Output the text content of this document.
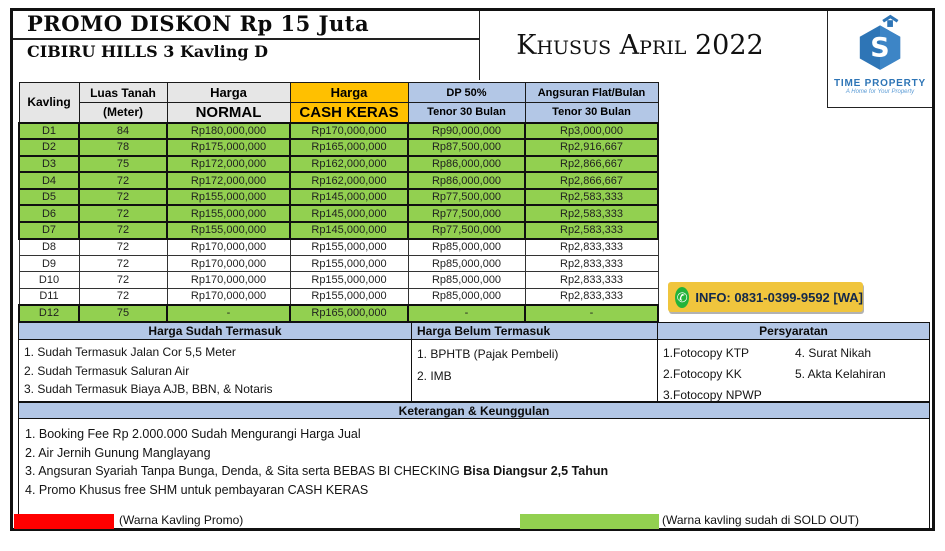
PROMO DISKON Rp 15 Juta
CIBIRU HILLS 3 Kavling D	Khusus April 2022	S
TIME PROPERTY
A Home for Your Property
Kavling	Luas Tanah	Harga	Harga	DP 50%	Angsuran Flat/Bulan
	(Meter)	NORMAL	CASH KERAS	Tenor 30 Bulan	Tenor 30 Bulan
D1	84	Rp180,000,000	Rp170,000,000	Rp90,000,000	Rp3,000,000
D2	78	Rp175,000,000	Rp165,000,000	Rp87,500,000	Rp2,916,667
D3	75	Rp172,000,000	Rp162,000,000	Rp86,000,000	Rp2,866,667
D4	72	Rp172,000,000	Rp162,000,000	Rp86,000,000	Rp2,866,667
D5	72	Rp155,000,000	Rp145,000,000	Rp77,500,000	Rp2,583,333
D6	72	Rp155,000,000	Rp145,000,000	Rp77,500,000	Rp2,583,333
D7	72	Rp155,000,000	Rp145,000,000	Rp77,500,000	Rp2,583,333
D8	72	Rp170,000,000	Rp155,000,000	Rp85,000,000	Rp2,833,333
D9	72	Rp170,000,000	Rp155,000,000	Rp85,000,000	Rp2,833,333
D10	72	Rp170,000,000	Rp155,000,000	Rp85,000,000	Rp2,833,333
D11	72	Rp170,000,000	Rp155,000,000	Rp85,000,000	Rp2,833,333
D12	75	-	Rp165,000,000	-	-
✆ INFO: 0831-0399-9592 [WA]
Harga Sudah Termasuk
1. Sudah Termasuk Jalan Cor 5,5 Meter
2. Sudah Termasuk Saluran Air
3. Sudah Termasuk Biaya AJB, BBN, & Notaris
Harga Belum Termasuk
1. BPHTB (Pajak Pembeli)
2. IMB
Persyaratan
1.Fotocopy KTP
2.Fotocopy KK
3.Fotocopy NPWP
4. Surat Nikah
5. Akta Kelahiran
Keterangan & Keunggulan
1. Booking Fee Rp 2.000.000 Sudah Mengurangi Harga Jual
2. Air Jernih Gunung Manglayang
3. Angsuran Syariah Tanpa Bunga, Denda, & Sita serta BEBAS BI CHECKING Bisa Diangsur 2,5 Tahun
4. Promo Khusus free SHM untuk pembayaran CASH KERAS
(Warna Kavling Promo)	(Warna kavling sudah di SOLD OUT)
